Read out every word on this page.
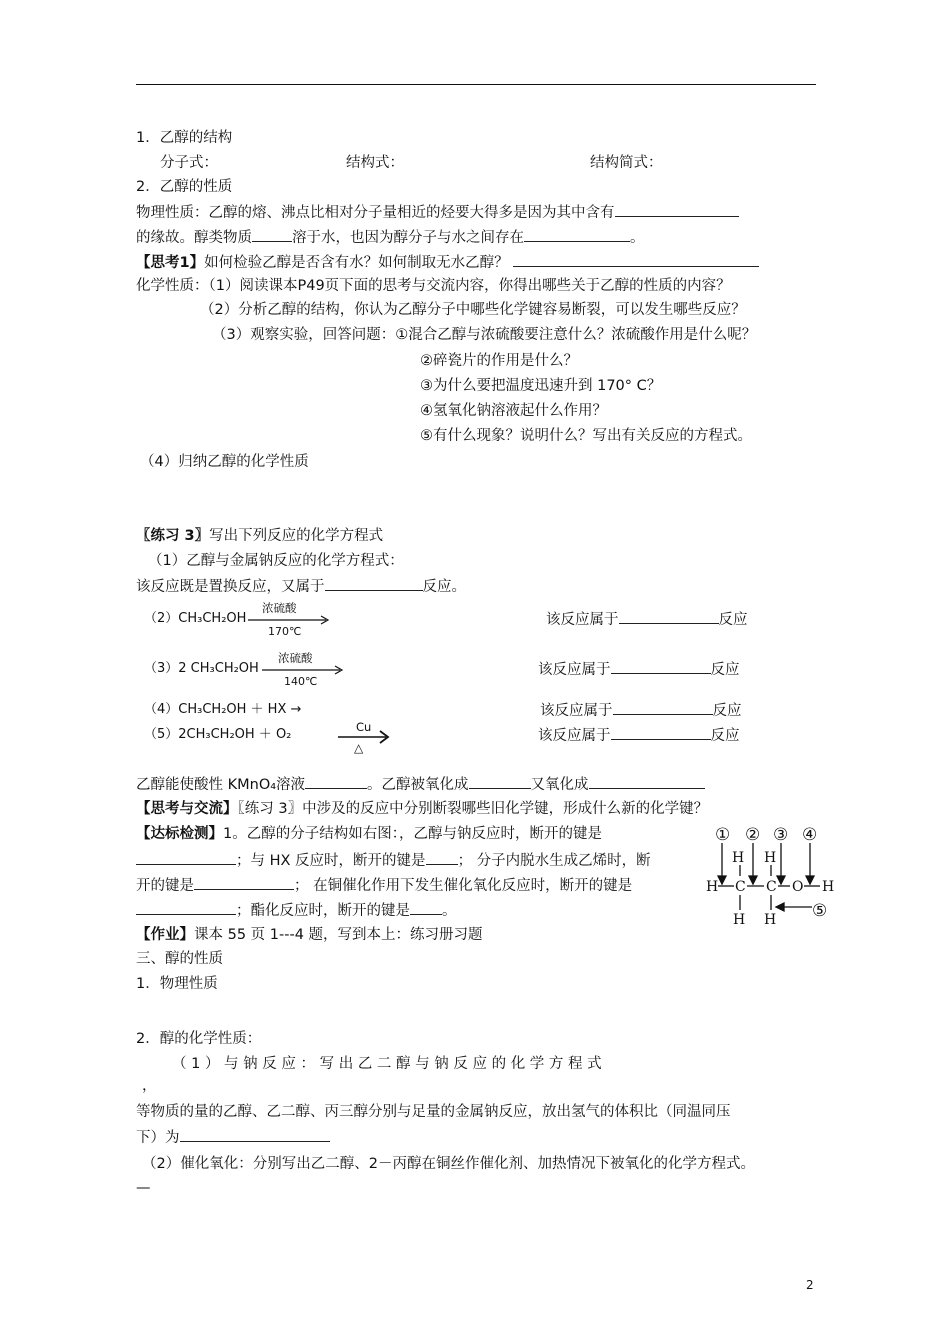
1．乙醇的结构
分子式：	结构式：	结构简式：
2．乙醇的性质
物理性质：乙醇的熔、沸点比相对分子量相近的烃要大得多是因为其中含有
的缘故。醇类物质	溶于水，也因为醇分子与水之间存在	。
【思考1】如何检验乙醇是否含有水？如何制取无水乙醇？
化学性质：（1）阅读课本P49页下面的思考与交流内容，你得出哪些关于乙醇的性质的内容？
（2）分析乙醇的结构，你认为乙醇分子中哪些化学键容易断裂，可以发生哪些反应？
（3）观察实验，回答问题：①混合乙醇与浓硫酸要注意什么？浓硫酸作用是什么呢？
②碎瓷片的作用是什么？
③为什么要把温度迅速升到 170° C？
④氢氧化钠溶液起什么作用？
⑤有什么现象？说明什么？写出有关反应的方程式。
（4）归纳乙醇的化学性质
〖练习 3〗写出下列反应的化学方程式
（1）乙醇与金属钠反应的化学方程式：
该反应既是置换反应，又属于	反应。
（2）CH₃CH₂OH
浓硫酸
170℃
该反应属于	反应
（3）2 CH₃CH₂OH
浓硫酸
140℃
该反应属于	反应
（4）CH₃CH₂OH ＋ HX →	该反应属于	反应
（5）2CH₃CH₂OH ＋ O₂	Cu
△
该反应属于	反应
乙醇能使酸性 KMnO₄溶液	。乙醇被氧化成	又氧化成
【思考与交流】〖练习 3〗中涉及的反应中分别断裂哪些旧化学键，形成什么新的化学键？
【达标检测】1。乙醇的分子结构如右图：，乙醇与钠反应时，断开的键是
；与 HX 反应时，断开的键是 ； 分子内脱水生成乙烯时，断
开的键是	； 在铜催化作用下发生催化氧化反应时，断开的键是
；酯化反应时，断开的键是 。
① ② ③ ④
⑤
H H
H C C O H
H H
【作业】课本 55 页 1---4 题，写到本上：练习册习题
三、醇的性质
1．物理性质
2．醇的化学性质：
（ 1 ） 与 钠 反 应 ： 写 出 乙 二 醇 与 钠 反 应 的 化 学 方 程 式
，
等物质的量的乙醇、乙二醇、丙三醇分别与足量的金属钠反应，放出氢气的体积比（同温同压
下）为
（2）催化氧化：分别写出乙二醇、2－丙醇在铜丝作催化剂、加热情况下被氧化的化学方程式。
—
2
